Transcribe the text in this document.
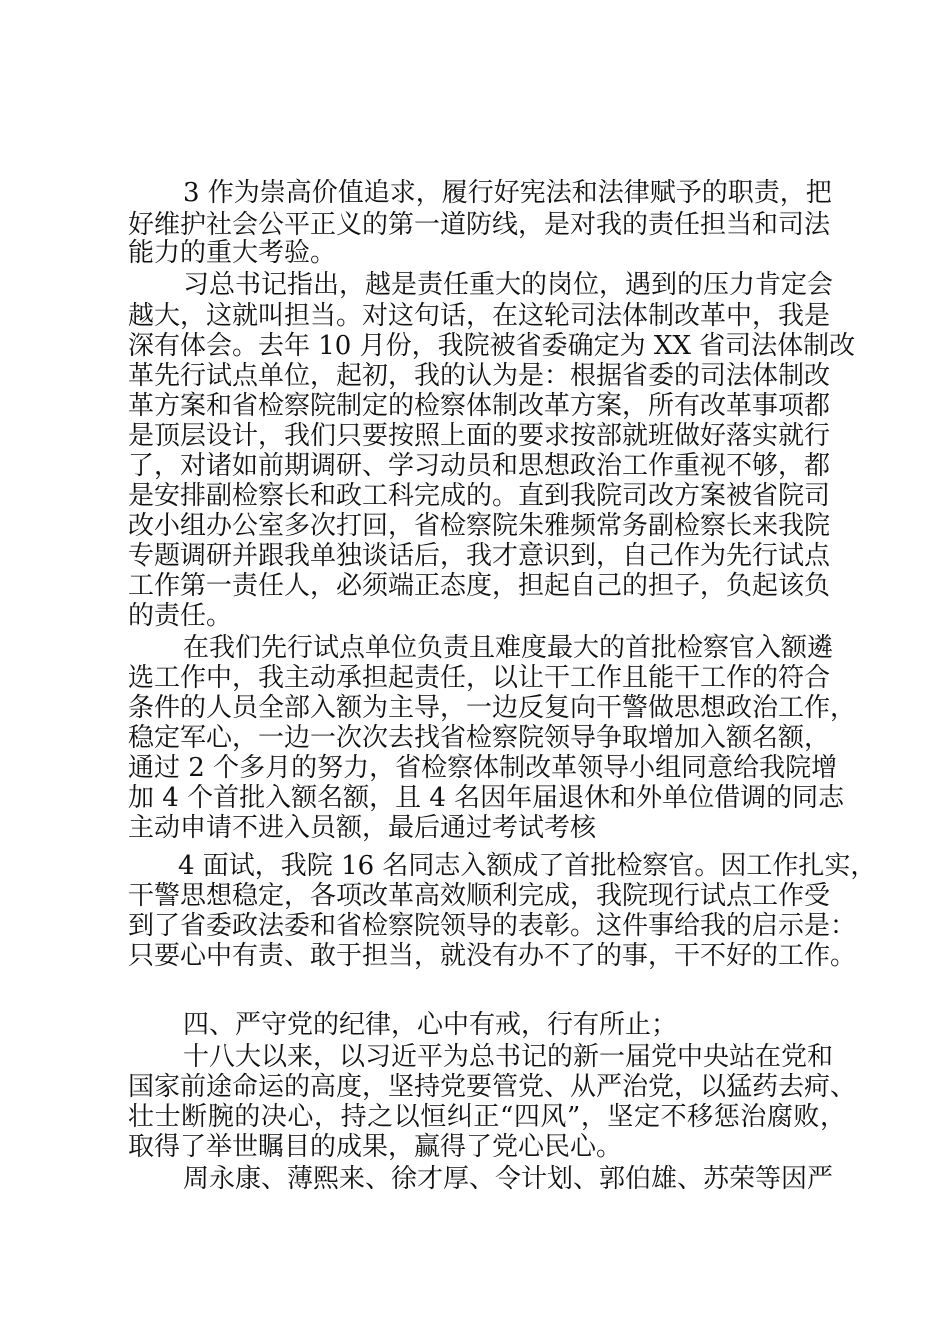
3 作为崇高价值追求，履行好宪法和法律赋予的职责，把

好维护社会公平正义的第一道防线，是对我的责任担当和司法

能力的重大考验。

习总书记指出，越是责任重大的岗位，遇到的压力肯定会

越大，这就叫担当。对这句话，在这轮司法体制改革中，我是

深有体会。去年 10 月份，我院被省委确定为 XX 省司法体制改

革先行试点单位，起初，我的认为是：根据省委的司法体制改

革方案和省检察院制定的检察体制改革方案，所有改革事项都

是顶层设计，我们只要按照上面的要求按部就班做好落实就行

了，对诸如前期调研、学习动员和思想政治工作重视不够，都

是安排副检察长和政工科完成的。直到我院司改方案被省院司

改小组办公室多次打回，省检察院朱雅频常务副检察长来我院

专题调研并跟我单独谈话后，我才意识到，自己作为先行试点

工作第一责任人，必须端正态度，担起自己的担子，负起该负

的责任。

在我们先行试点单位负责且难度最大的首批检察官入额遴

选工作中，我主动承担起责任，以让干工作且能干工作的符合

条件的人员全部入额为主导，一边反复向干警做思想政治工作，

稳定军心，一边一次次去找省检察院领导争取增加入额名额，

通过 2 个多月的努力，省检察体制改革领导小组同意给我院增

加 4 个首批入额名额，且 4 名因年届退休和外单位借调的同志

主动申请不进入员额，最后通过考试考核

4 面试，我院 16 名同志入额成了首批检察官。因工作扎实，

干警思想稳定，各项改革高效顺利完成，我院现行试点工作受

到了省委政法委和省检察院领导的表彰。这件事给我的启示是：

只要心中有责、敢于担当，就没有办不了的事，干不好的工作。

四、严守党的纪律，心中有戒，行有所止；

十八大以来，以习近平为总书记的新一届党中央站在党和

国家前途命运的高度，坚持党要管党、从严治党，以猛药去疴、

壮士断腕的决心，持之以恒纠正“四风”，坚定不移惩治腐败，

取得了举世瞩目的成果，赢得了党心民心。

周永康、薄熙来、徐才厚、令计划、郭伯雄、苏荣等因严
